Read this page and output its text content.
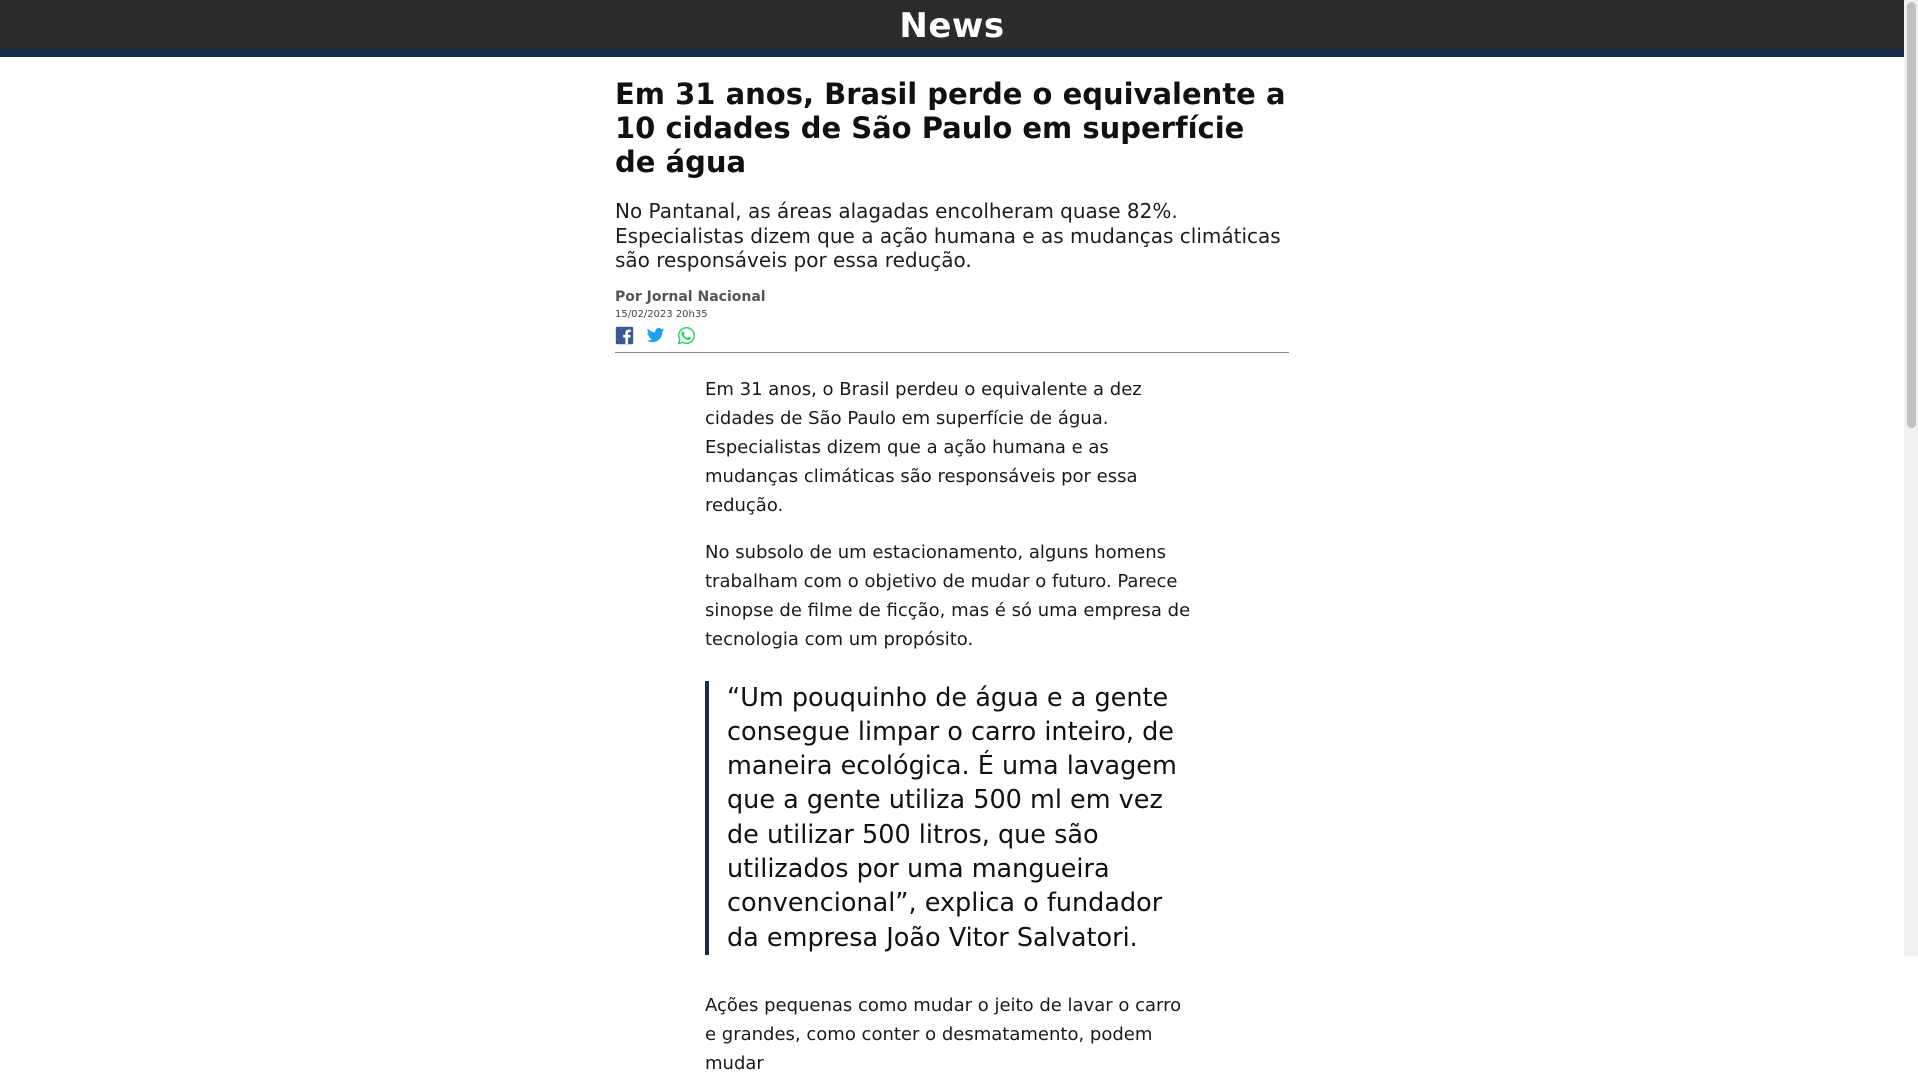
News
Em 31 anos, Brasil perde o equivalente a 10 cidades de São Paulo em superfície de água
No Pantanal, as áreas alagadas encolheram quase 82%. Especialistas dizem que a ação humana e as mudanças climáticas são responsáveis por essa redução.
Por Jornal Nacional
15/02/2023 20h35

Em 31 anos, o Brasil perdeu o equivalente a dez cidades de São Paulo em superfície de água. Especialistas dizem que a ação humana e as mudanças climáticas são responsáveis por essa redução.

No subsolo de um estacionamento, alguns homens trabalham com o objetivo de mudar o futuro. Parece sinopse de filme de ficção, mas é só uma empresa de tecnologia com um propósito.

“Um pouquinho de água e a gente consegue limpar o carro inteiro, de maneira ecológica. É uma lavagem que a gente utiliza 500 ml em vez de utilizar 500 litros, que são utilizados por uma mangueira convencional”, explica o fundador da empresa João Vitor Salvatori.

Ações pequenas como mudar o jeito de lavar o carro e grandes, como conter o desmatamento, podem mudar
